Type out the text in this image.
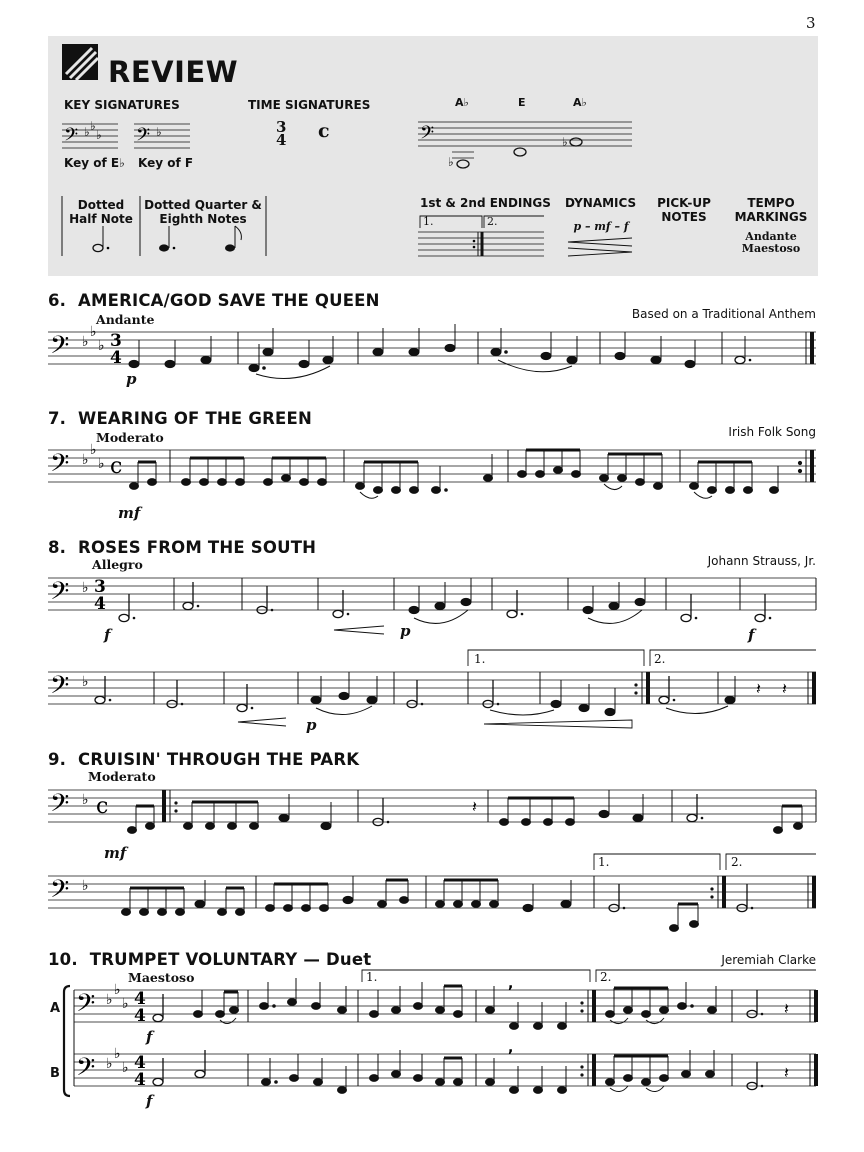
3
REVIEW
KEY SIGNATURES
𝄢 ♭ ♭
♭ 𝄢 ♭
Key of E♭ Key of F
TIME SIGNATURES
3
4 c
A♭	E	A♭
𝄢
♭
♭
Dotted
Half Note
Dotted Quarter &
Eighth Notes
1st & 2nd ENDINGS
1.	2.
DYNAMICS
p – mf – f
PICK-UP
NOTES
TEMPO
MARKINGS
Andante
Maestoso
6. AMERICA/GOD SAVE THE QUEEN
Based on a Traditional Anthem
Andante
𝄢 ♭
♭
♭ 3
4
p
7. WEARING OF THE GREEN
Irish Folk Song
Moderato
𝄢 ♭
♭
♭ c
mf
8. ROSES FROM THE SOUTH
Johann Strauss, Jr.
Allegro
𝄢 ♭ 3
4
f	p	f
𝄢 ♭	𝄽 𝄽
1.	2.
p
9. CRUISIN' THROUGH THE PARK
Moderato
𝄢 ♭ c	𝄽
mf
𝄢 ♭
1.	2.
10. TRUMPET VOLUNTARY — Duet	Jeremiah Clarke
Maestoso
A
B
𝄢
𝄢
♭
♭
♭
♭
♭
♭
4
4
4
4
𝄽
𝄽
,
,
f
f
1.	2.
